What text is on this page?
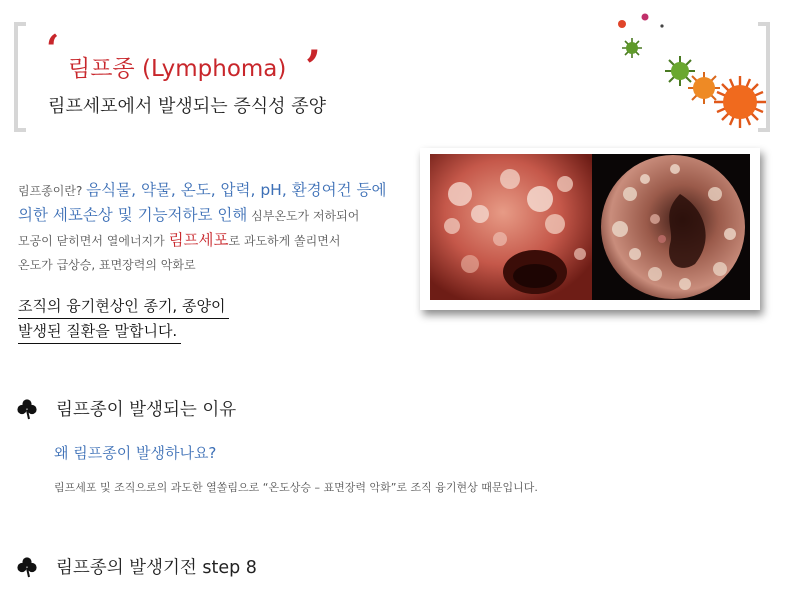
‘ 림프종 (Lymphoma) ’
림프세포에서 발생되는 증식성 종양
림프종이란? 음식물, 약물, 온도, 압력, pH, 환경여건 등에
의한 세포손상 및 기능저하로 인해 심부온도가 저하되어
모공이 닫히면서 열에너지가 림프세포로 과도하게 쏠리면서
온도가 급상승, 표면장력의 악화로
조직의 융기현상인 종기, 종양이
발생된 질환을 말합니다.
림프종이 발생되는 이유
왜 림프종이 발생하나요?
림프세포 및 조직으로의 과도한 열쏠림으로 “온도상승 – 표면장력 악화”로 조직 융기현상 때문입니다.
림프종의 발생기전 step 8
